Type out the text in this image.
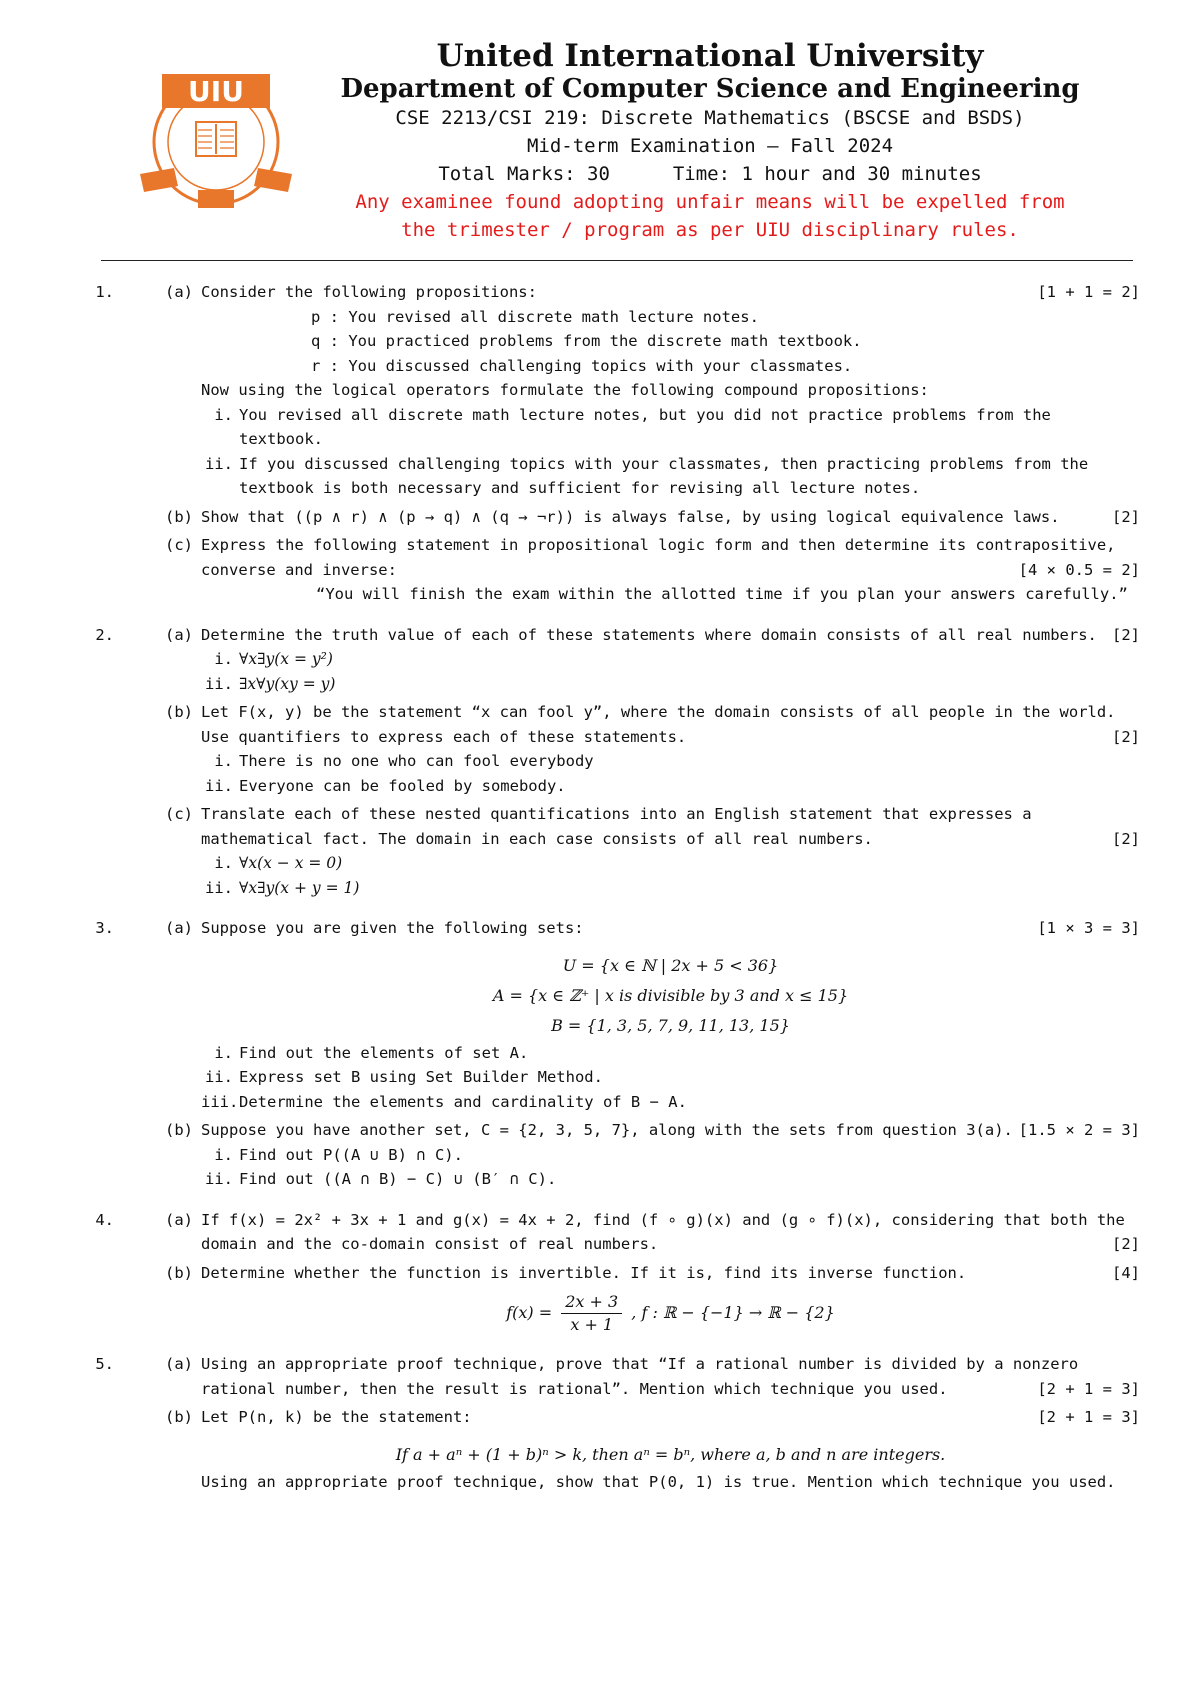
UIU
United International University
Department of Computer Science and Engineering
CSE 2213/CSI 219: Discrete Mathematics (BSCSE and BSDS)
Mid-term Examination – Fall 2024
Total Marks: 30	Time: 1 hour and 30 minutes
Any examinee found adopting unfair means will be expelled from
the trimester / program as per UIU disciplinary rules.
1.	(a)	[1 + 1 = 2]
Consider the following propositions:
p : You revised all discrete math lecture notes.
q : You practiced problems from the discrete math textbook.
r : You discussed challenging topics with your classmates.
Now using the logical operators formulate the following compound propositions:
i. You revised all discrete math lecture notes, but you did not practice problems from the textbook.
ii. If you discussed challenging topics with your classmates, then practicing problems from the textbook is both necessary and sufficient for revising all lecture notes.
(b)	[2]
Show that ((p ∧ r) ∧ (p → q) ∧ (q → ¬r)) is always false, by using logical equivalence laws.
(c) Express the following statement in propositional logic form and then determine its contrapositive, converse and inverse:	[4 × 0.5 = 2]
“You will finish the exam within the allotted time if you plan your answers carefully.”
2.	(a)	[2]
Determine the truth value of each of these statements where domain consists of all real numbers.
i. ∀x∃y(x = y²)
ii. ∃x∀y(xy = y)
(b) Let F(x, y) be the statement “x can fool y”, where the domain consists of all people in the world. Use quantifiers to express each of these statements.	[2]
i. There is no one who can fool everybody
ii. Everyone can be fooled by somebody.
(c) Translate each of these nested quantifications into an English statement that expresses a mathematical fact. The domain in each case consists of all real numbers.	[2]
i. ∀x(x − x = 0)
ii. ∀x∃y(x + y = 1)
3.	(a)	[1 × 3 = 3]
Suppose you are given the following sets:
U = {x ∈ ℕ | 2x + 5 < 36}
A = {x ∈ ℤ⁺ | x is divisible by 3 and x ≤ 15}
B = {1, 3, 5, 7, 9, 11, 13, 15}
i. Find out the elements of set A.
ii. Express set B using Set Builder Method.
iii. Determine the elements and cardinality of B − A.
(b)	[1.5 × 2 = 3]
Suppose you have another set, C = {2, 3, 5, 7}, along with the sets from question 3(a).
i. Find out P((A ∪ B) ∩ C).
ii. Find out ((A ∩ B) − C) ∪ (B′ ∩ C).
4.	(a) If f(x) = 2x² + 3x + 1 and g(x) = 4x + 2, find (f ∘ g)(x) and (g ∘ f)(x), considering that both the domain and the co-domain consist of real numbers.	[2]
(b)	[4]
Determine whether the function is invertible. If it is, find its inverse function.
$f(x) = \frac{2x + 3}{x + 1}$ , f : ℝ − {−1} → ℝ − {2}
5.	(a) Using an appropriate proof technique, prove that “If a rational number is divided by a nonzero rational number, then the result is rational”. Mention which technique you used.	[2 + 1 = 3]
(b)	[2 + 1 = 3]
Let P(n, k) be the statement:
If a + aⁿ + (1 + b)ⁿ > k, then aⁿ = bⁿ, where a, b and n are integers.
Using an appropriate proof technique, show that P(0, 1) is true. Mention which technique you used.
